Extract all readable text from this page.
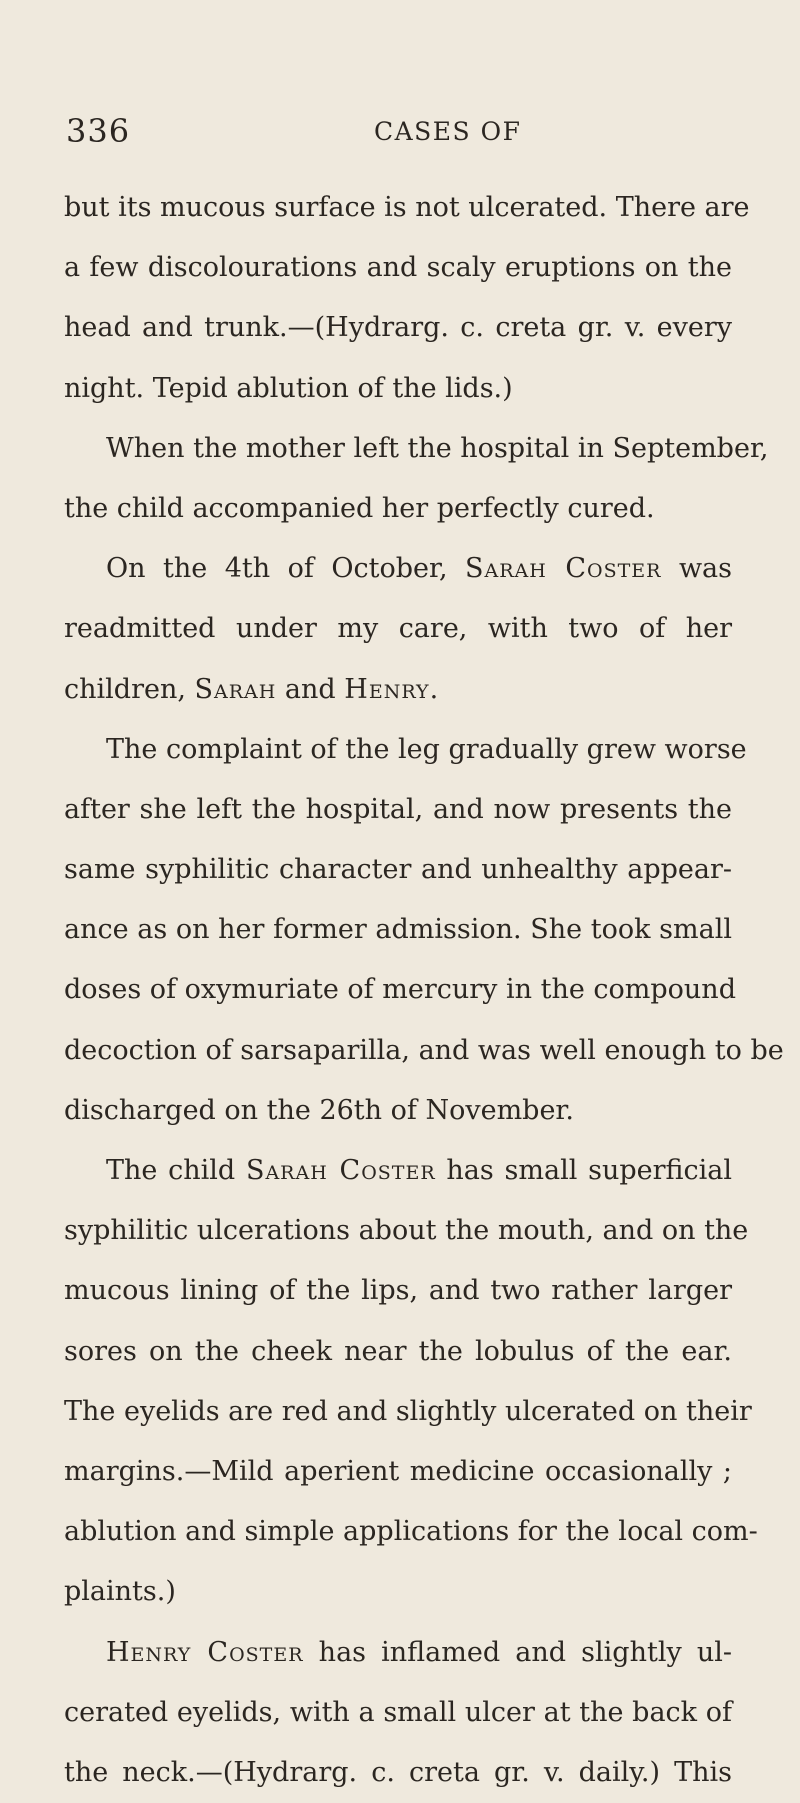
336	CASES OF
but its mucous surface is not ulcerated. There are
a few discolourations and scaly eruptions on the
head and trunk.—(Hydrarg. c. creta gr. v. every
night. Tepid ablution of the lids.)
When the mother left the hospital in September,
the child accompanied her perfectly cured.
On the 4th of October, Sarah Coster was
readmitted under my care, with two of her
children, Sarah and Henry.
The complaint of the leg gradually grew worse
after she left the hospital, and now presents the
same syphilitic character and unhealthy appear-
ance as on her former admission. She took small
doses of oxymuriate of mercury in the compound
decoction of sarsaparilla, and was well enough to be
discharged on the 26th of November.
The child Sarah Coster has small superficial
syphilitic ulcerations about the mouth, and on the
mucous lining of the lips, and two rather larger
sores on the cheek near the lobulus of the ear.
The eyelids are red and slightly ulcerated on their
margins.—Mild aperient medicine occasionally ;
ablution and simple applications for the local com-
plaints.)
Henry Coster has inflamed and slightly ul-
cerated eyelids, with a small ulcer at the back of
the neck.—(Hydrarg. c. creta gr. v. daily.) This
